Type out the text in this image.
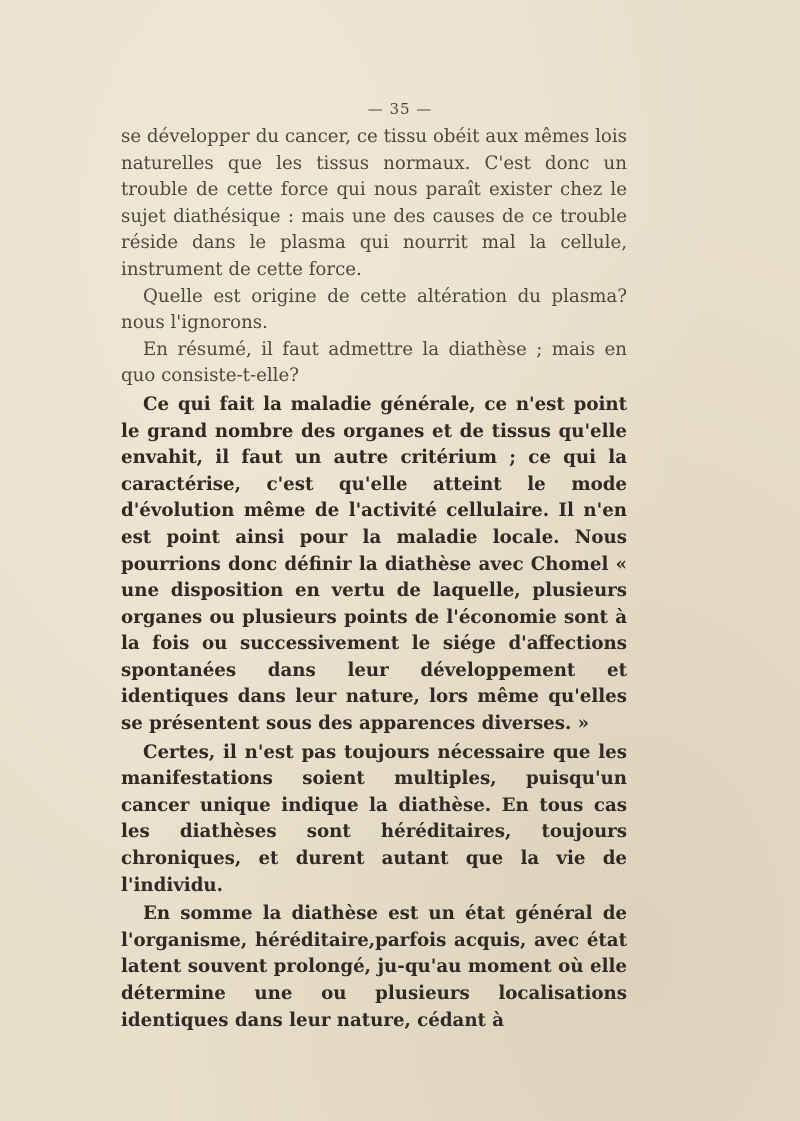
— 35 —

se développer du cancer, ce tissu obéit aux mêmes lois naturelles que les tissus normaux. C'est donc un trouble de cette force qui nous paraît exister chez le sujet diathésique : mais une des causes de ce trouble réside dans le plasma qui nourrit mal la cellule, instrument de cette force.

Quelle est origine de cette altération du plasma? nous l'ignorons.

En résumé, il faut admettre la diathèse ; mais en quo consiste-t-elle?

Ce qui fait la maladie générale, ce n'est point le grand nombre des organes et de tissus qu'elle envahit, il faut un autre critérium ; ce qui la caractérise, c'est qu'elle atteint le mode d'évolution même de l'activité cellulaire. Il n'en est point ainsi pour la maladie locale. Nous pourrions donc définir la diathèse avec Chomel « une disposition en vertu de laquelle, plusieurs organes ou plusieurs points de l'économie sont à la fois ou successivement le siége d'affections spontanées dans leur développement et identiques dans leur nature, lors même qu'elles se présentent sous des apparences diverses. »

Certes, il n'est pas toujours nécessaire que les manifestations soient multiples, puisqu'un cancer unique indique la diathèse. En tous cas les diathèses sont héréditaires, toujours chroniques, et durent autant que la vie de l'individu.

En somme la diathèse est un état général de l'organisme, héréditaire,parfois acquis, avec état latent souvent prolongé, ju-qu'au moment où elle détermine une ou plusieurs localisations identiques dans leur nature, cédant à
